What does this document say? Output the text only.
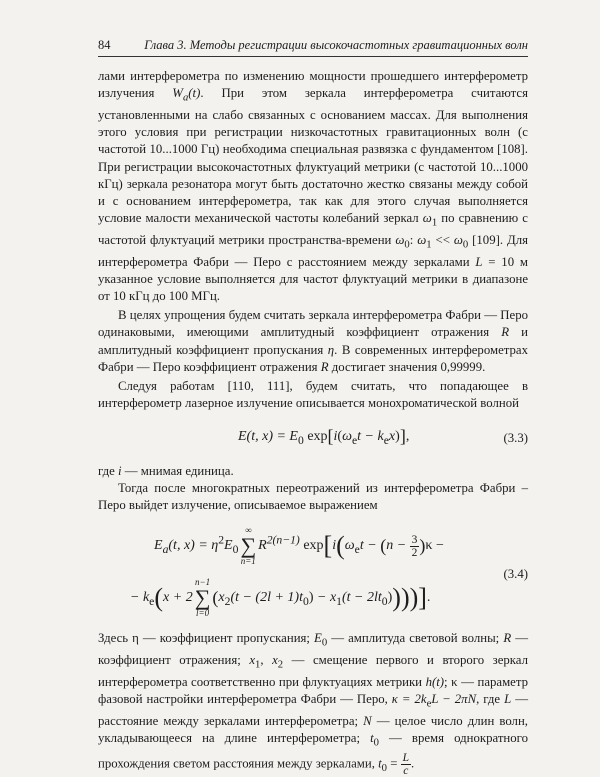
84	Глава 3. Методы регистрации высокочастотных гравитационных волн

лами интерферометра по изменению мощности прошедшего интерферометр излучения $W_a(t)$. При этом зеркала интерферометра считаются установленными на слабо связанных с основанием массах. Для выполнения этого условия при регистрации низкочастотных гравитационных волн (с частотой 10...1000 Гц) необходима специальная развязка с фундаментом [108]. При регистрации высокочастотных флуктуаций метрики (с частотой 10...1000 кГц) зеркала резонатора могут быть достаточно жестко связаны между собой и с основанием интерферометра, так как для этого случая выполняется условие малости механической частоты колебаний зеркал $\omega_1$ по сравнению с частотой флуктуаций метрики пространства-времени $\omega_0$: $\omega_1 << \omega_0$ [109]. Для интерферометра Фабри — Перо с расстоянием между зеркалами L = 10 м указанное условие выполняется для частот флуктуаций метрики в диапазоне от 10 кГц до 100 МГц.

В целях упрощения будем считать зеркала интерферометра Фабри — Перо одинаковыми, имеющими амплитудный коэффициент отражения R и амплитудный коэффициент пропускания η. В современных интерферометрах Фабри — Перо коэффициент отражения R достигает значения 0,99999.

Следуя работам [110, 111], будем считать, что попадающее в интерферометр лазерное излучение описывается монохроматической волной

E(t, $x) = E_0$ $\exp[i(\omega_et - k_ex)]$,	(3.3)

где i — мнимая единица.

Тогда после многократных переотражений из интерферометра Фабри – Перо выйдет излучение, описываемое выражением

$E_a(t$, $x) = \eta^2E_0\infty$
∑
$n=1R^{2(n-1)}$ $\exp[i(\omega_et - (n - \frac{3}{2} )\kappa$ −
− $k_e(x + 2n-1$
∑
$l=0(x_2(t - (2l + 1)t_0) - x_1(t - 2lt_0))$))].
(3.4)

Здесь η — коэффициент пропускания; $E_0$ — амплитуда световой волны; R — коэффициент отражения; $x_1$, $x_2$ — смещение первого и второго зеркал интерферометра соответственно при флуктуациях метрики h(t); κ — параметр фазовой настройки интерферометра Фабри — Перо, $\kappa = 2k_eL - 2\pi N$, где L — расстояние между зеркалами интерферометра; N — целое число длин волн, укладывающееся на длине интерферометра; $t_0$ — время однократного прохождения светом расстояния между зеркалами, $t_0 = \frac{L}{c}$ .
